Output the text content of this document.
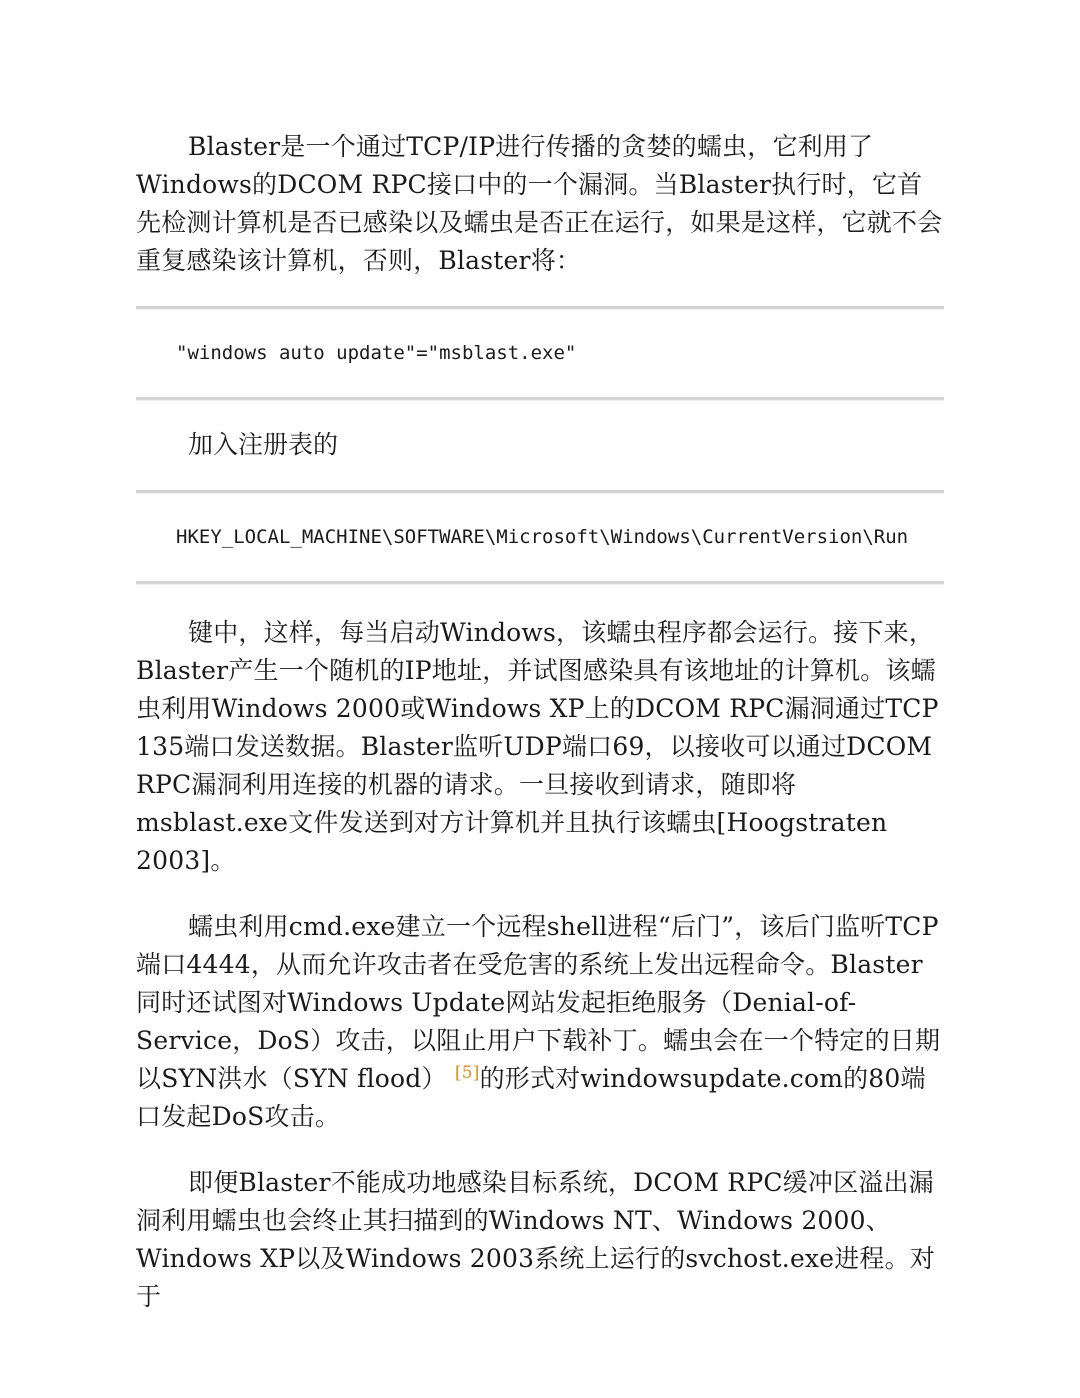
Blaster是一个通过TCP/IP进行传播的贪婪的蠕虫，它利用了Windows的DCOM RPC接口中的一个漏洞。当Blaster执行时，它首先检测计算机是否已感染以及蠕虫是否正在运行，如果是这样，它就不会重复感染该计算机，否则，Blaster将：

"windows auto update"="msblast.exe"

加入注册表的

HKEY_LOCAL_MACHINE\SOFTWARE\Microsoft\Windows\CurrentVersion\Run

键中，这样，每当启动Windows，该蠕虫程序都会运行。接下来，Blaster产生一个随机的IP地址，并试图感染具有该地址的计算机。该蠕虫利用Windows 2000或Windows XP上的DCOM RPC漏洞通过TCP 135端口发送数据。Blaster监听UDP端口69，以接收可以通过DCOM RPC漏洞利用连接的机器的请求。一旦接收到请求，随即将msblast.exe文件发送到对方计算机并且执行该蠕虫[Hoogstraten 2003]。

蠕虫利用cmd.exe建立一个远程shell进程“后门”，该后门监听TCP端口4444，从而允许攻击者在受危害的系统上发出远程命令。Blaster同时还试图对Windows Update网站发起拒绝服务（Denial-of-Service，DoS）攻击，以阻止用户下载补丁。蠕虫会在一个特定的日期以SYN洪水（SYN flood） [5]的形式对windowsupdate.com的80端口发起DoS攻击。

即便Blaster不能成功地感染目标系统，DCOM RPC缓冲区溢出漏洞利用蠕虫也会终止其扫描到的Windows NT、Windows 2000、Windows XP以及Windows 2003系统上运行的svchost.exe进程。对于
